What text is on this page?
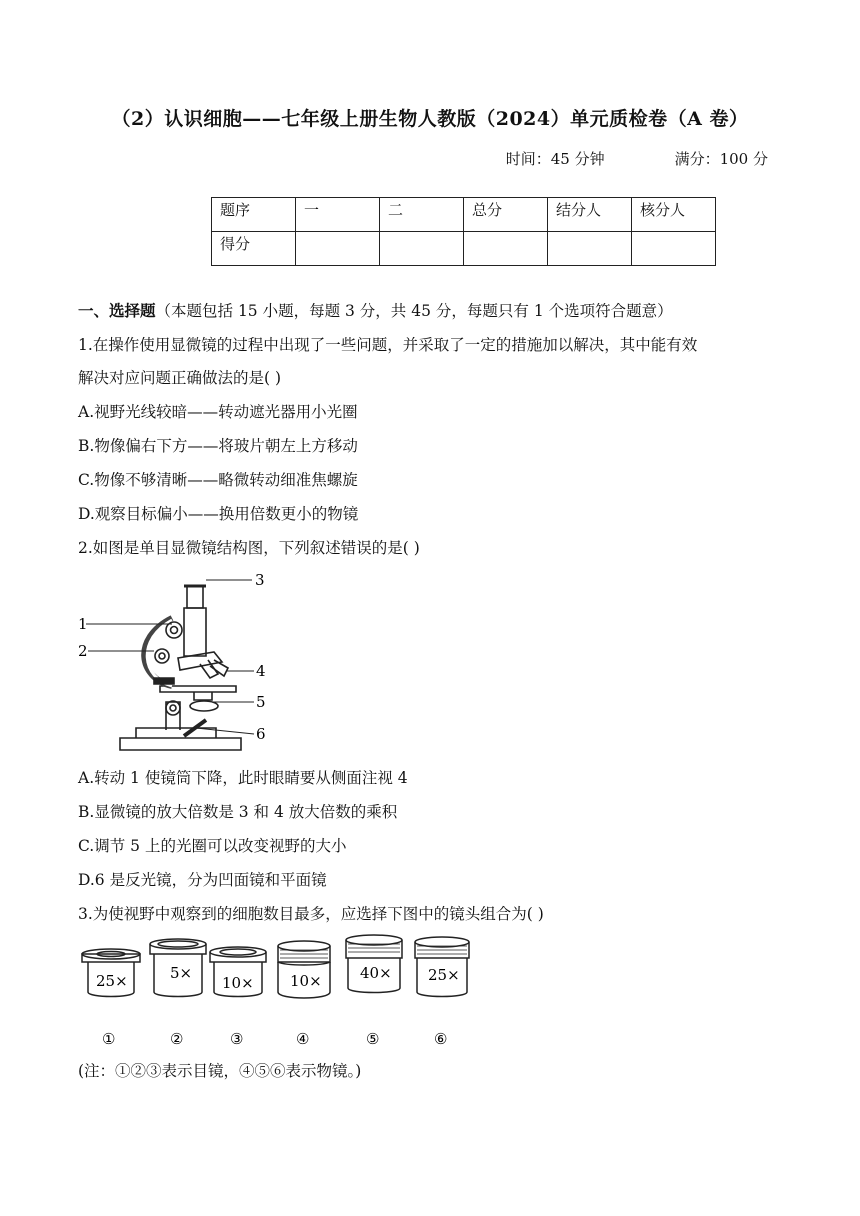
（2）认识细胞——七年级上册生物人教版（2024）单元质检卷（A 卷）
时间：45 分钟	满分：100 分
题序	一	二	总分	结分人	核分人
得分					
一、选择题（本题包括 15 小题，每题 3 分，共 45 分，每题只有 1 个选项符合题意）
1.在操作使用显微镜的过程中出现了一些问题，并采取了一定的措施加以解决，其中能有效
解决对应问题正确做法的是( )
A.视野光线较暗——转动遮光器用小光圈
B.物像偏右下方——将玻片朝左上方移动
C.物像不够清晰——略微转动细准焦螺旋
D.观察目标偏小——换用倍数更小的物镜
2.如图是单目显微镜结构图，下列叙述错误的是( )
3
1
2
4
5
6
A.转动 1 使镜筒下降，此时眼睛要从侧面注视 4
B.显微镜的放大倍数是 3 和 4 放大倍数的乘积
C.调节 5 上的光圈可以改变视野的大小
D.6 是反光镜，分为凹面镜和平面镜
3.为使视野中观察到的细胞数目最多，应选择下图中的镜头组合为( )
25×	5×
10× 10×	40× 25×
①	②	③	④	⑤	⑥
(注：①②③表示目镜，④⑤⑥表示物镜。)
